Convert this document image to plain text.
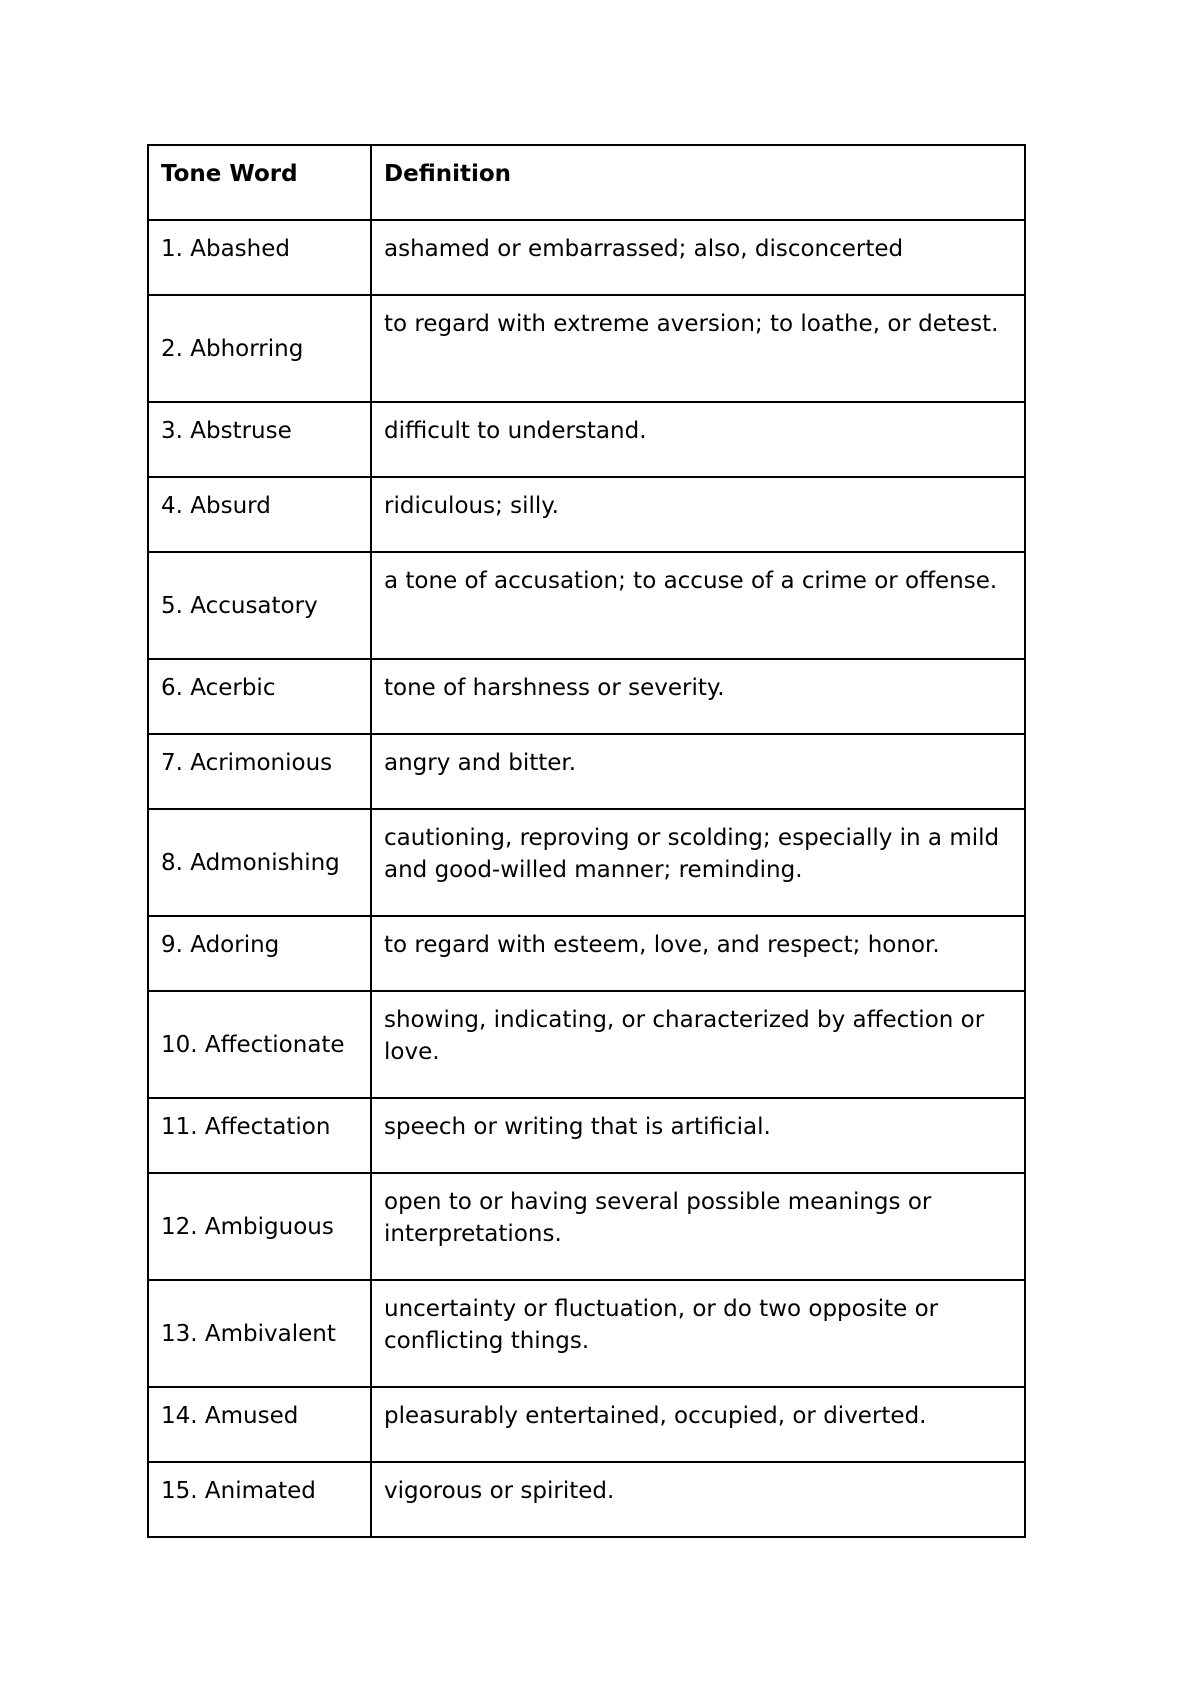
Tone Word	Definition
1. Abashed	ashamed or embarrassed; also, disconcerted
2. Abhorring	to regard with extreme aversion; to loathe, or detest.
3. Abstruse	difficult to understand.
4. Absurd	ridiculous; silly.
5. Accusatory	a tone of accusation; to accuse of a crime or offense.
6. Acerbic	tone of harshness or severity.
7. Acrimonious	angry and bitter.
8. Admonishing	cautioning, reproving or scolding; especially in a mild and good-willed manner; reminding.
9. Adoring	to regard with esteem, love, and respect; honor.
10. Affectionate	showing, indicating, or characterized by affection or love.
11. Affectation	speech or writing that is artificial.
12. Ambiguous	open to or having several possible meanings or interpretations.
13. Ambivalent	uncertainty or fluctuation, or do two opposite or conflicting things.
14. Amused	pleasurably entertained, occupied, or diverted.
15. Animated	vigorous or spirited.
